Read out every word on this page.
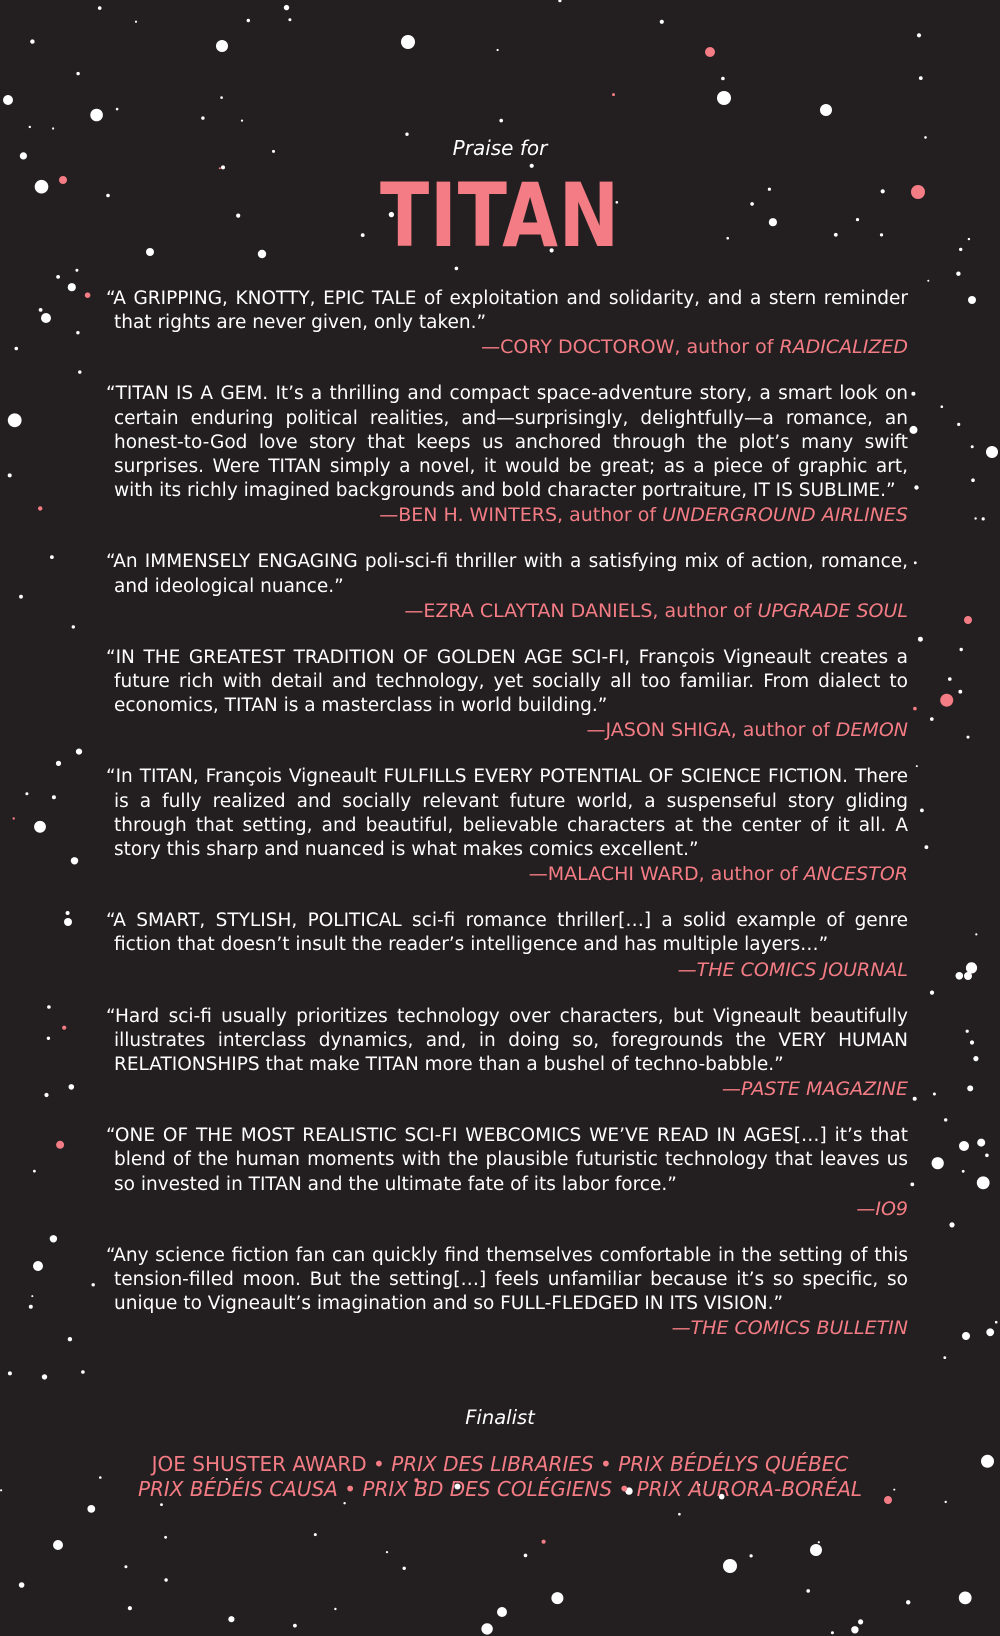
Praise for
TITAN
“A GRIPPING, KNOTTY, EPIC TALE of exploitation and solidarity, and a stern reminder that rights are never given, only taken.”
—CORY DOCTOROW, author of RADICALIZED
“TITAN IS A GEM. It’s a thrilling and compact space-adventure story, a smart look on certain enduring political realities, and—surprisingly, delightfully—a romance, an honest-to-God love story that keeps us anchored through the plot’s many swift surprises. Were TITAN simply a novel, it would be great; as a piece of graphic art, with its richly imagined backgrounds and bold character portraiture, IT IS SUBLIME.”
—BEN H. WINTERS, author of UNDERGROUND AIRLINES
“An IMMENSELY ENGAGING poli-sci-fi thriller with a satisfying mix of action, romance, and ideological nuance.”
—EZRA CLAYTAN DANIELS, author of UPGRADE SOUL
“IN THE GREATEST TRADITION OF GOLDEN AGE SCI-FI, François Vigneault creates a future rich with detail and technology, yet socially all too familiar. From dialect to economics, TITAN is a masterclass in world building.”
—JASON SHIGA, author of DEMON
“In TITAN, François Vigneault FULFILLS EVERY POTENTIAL OF SCIENCE FICTION. There is a fully realized and socially relevant future world, a suspenseful story gliding through that setting, and beautiful, believable characters at the center of it all. A story this sharp and nuanced is what makes comics excellent.”
—MALACHI WARD, author of ANCESTOR
“A SMART, STYLISH, POLITICAL sci-fi romance thriller[…] a solid example of genre fiction that doesn’t insult the reader’s intelligence and has multiple layers…”
—THE COMICS JOURNAL
“Hard sci-fi usually prioritizes technology over characters, but Vigneault beautifully illustrates interclass dynamics, and, in doing so, foregrounds the VERY HUMAN RELATIONSHIPS that make TITAN more than a bushel of techno-babble.”
—PASTE MAGAZINE
“ONE OF THE MOST REALISTIC SCI-FI WEBCOMICS WE’VE READ IN AGES[…] it’s that blend of the human moments with the plausible futuristic technology that leaves us so invested in TITAN and the ultimate fate of its labor force.”
—IO9
“Any science fiction fan can quickly find themselves comfortable in the setting of this tension-filled moon. But the setting[…] feels unfamiliar because it’s so specific, so unique to Vigneault’s imagination and so FULL-FLEDGED IN ITS VISION.”
—THE COMICS BULLETIN
Finalist
JOE SHUSTER AWARD • PRIX DES LIBRARIES • PRIX BÉDÉLYS QUÉBEC
PRIX BÉDÉIS CAUSA • PRIX BD DES COLÉGIENS • PRIX AURORA-BORÉAL
